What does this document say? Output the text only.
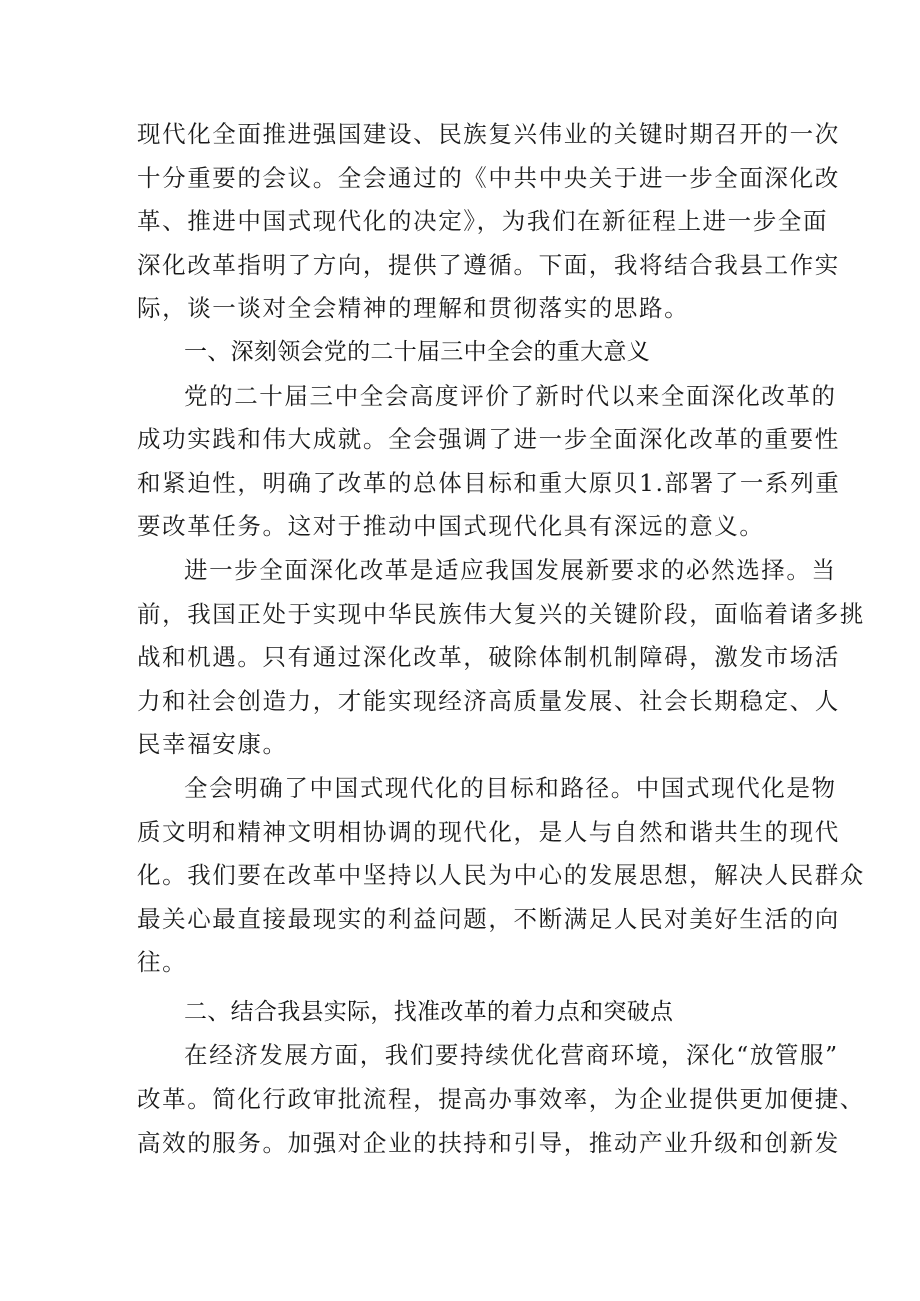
现代化全面推进强国建设、民族复兴伟业的关键时期召开的一次
十分重要的会议。全会通过的《中共中央关于进一步全面深化改
革、推进中国式现代化的决定》，为我们在新征程上进一步全面
深化改革指明了方向，提供了遵循。下面，我将结合我县工作实
际，谈一谈对全会精神的理解和贯彻落实的思路。
一、深刻领会党的二十届三中全会的重大意义
党的二十届三中全会高度评价了新时代以来全面深化改革的
成功实践和伟大成就。全会强调了进一步全面深化改革的重要性
和紧迫性，明确了改革的总体目标和重大原贝1.部署了一系列重
要改革任务。这对于推动中国式现代化具有深远的意义。
进一步全面深化改革是适应我国发展新要求的必然选择。当
前，我国正处于实现中华民族伟大复兴的关键阶段，面临着诸多挑
战和机遇。只有通过深化改革，破除体制机制障碍，激发市场活
力和社会创造力，才能实现经济高质量发展、社会长期稳定、人
民幸福安康。
全会明确了中国式现代化的目标和路径。中国式现代化是物
质文明和精神文明相协调的现代化，是人与自然和谐共生的现代
化。我们要在改革中坚持以人民为中心的发展思想，解决人民群众
最关心最直接最现实的利益问题，不断满足人民对美好生活的向
往。
二、结合我县实际，找准改革的着力点和突破点
在经济发展方面，我们要持续优化营商环境，深化“放管服”
改革。简化行政审批流程，提高办事效率，为企业提供更加便捷、
高效的服务。加强对企业的扶持和引导，推动产业升级和创新发
